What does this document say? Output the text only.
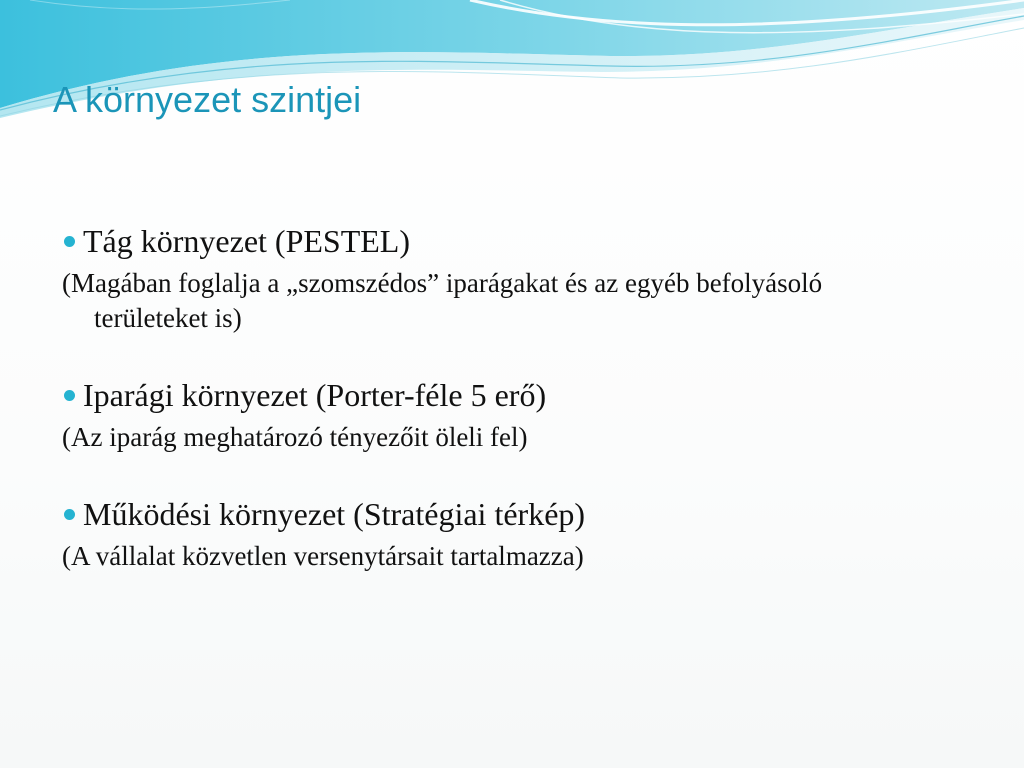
A környezet szintjei
Tág környezet (PESTEL)

(Magában foglalja a „szomszédos” iparágakat és az egyéb befolyásoló területeket is)

Iparági környezet (Porter-féle 5 erő)

(Az iparág meghatározó tényezőit öleli fel)

Működési környezet (Stratégiai térkép)

(A vállalat közvetlen versenytársait tartalmazza)
